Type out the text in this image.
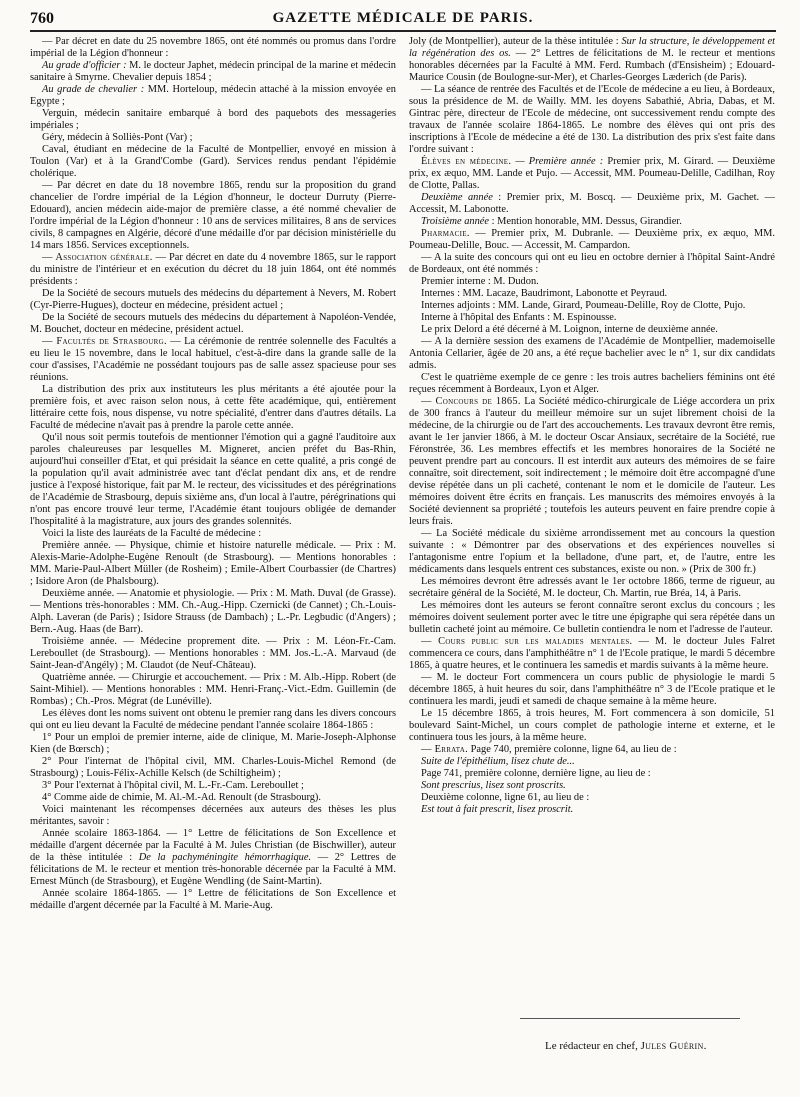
760	GAZETTE MÉDICALE DE PARIS.

— Par décret en date du 25 novembre 1865, ont été nommés ou promus dans l'ordre impérial de la Légion d'honneur :

Au grade d'officier : M. le docteur Japhet, médecin principal de la marine et médecin sanitaire à Smyrne. Chevalier depuis 1854 ;

Au grade de chevalier : MM. Horteloup, médecin attaché à la mission envoyée en Egypte ;

Verguin, médecin sanitaire embarqué à bord des paquebots des messageries impériales ;

Géry, médecin à Solliès-Pont (Var) ;

Caval, étudiant en médecine de la Faculté de Montpellier, envoyé en mission à Toulon (Var) et à la Grand'Combe (Gard). Services rendus pendant l'épidémie cholérique.

— Par décret en date du 18 novembre 1865, rendu sur la proposition du grand chancelier de l'ordre impérial de la Légion d'honneur, le docteur Durruty (Pierre-Edouard), ancien médecin aide-major de première classe, a été nommé chevalier de l'ordre impérial de la Légion d'honneur : 10 ans de services militaires, 8 ans de services civils, 8 campagnes en Algérie, décoré d'une médaille d'or par décision ministérielle du 14 mars 1856. Services exceptionnels.

— Association générale. — Par décret en date du 4 novembre 1865, sur le rapport du ministre de l'intérieur et en exécution du décret du 18 juin 1864, ont été nommés présidents :

De la Société de secours mutuels des médecins du département à Nevers, M. Robert (Cyr-Pierre-Hugues), docteur en médecine, président actuel ;

De la Société de secours mutuels des médecins du département à Napoléon-Vendée, M. Bouchet, docteur en médecine, président actuel.

— Facultés de Strasbourg. — La cérémonie de rentrée solennelle des Facultés a eu lieu le 15 novembre, dans le local habituel, c'est-à-dire dans la grande salle de la cour d'assises, l'Académie ne possédant toujours pas de salle assez spacieuse pour ses réunions.

La distribution des prix aux instituteurs les plus méritants a été ajoutée pour la première fois, et avec raison selon nous, à cette fête académique, qui, entièrement littéraire cette fois, nous dispense, vu notre spécialité, d'entrer dans d'autres détails. La Faculté de médecine n'avait pas à prendre la parole cette année.

Qu'il nous soit permis toutefois de mentionner l'émotion qui a gagné l'auditoire aux paroles chaleureuses par lesquelles M. Migneret, ancien préfet du Bas-Rhin, aujourd'hui conseiller d'Etat, et qui présidait la séance en cette qualité, a pris congé de la population qu'il avait administrée avec tant d'éclat pendant dix ans, et de rendre justice à l'exposé historique, fait par M. le recteur, des vicissitudes et des pérégrinations de l'Académie de Strasbourg, depuis sixième ans, d'un local à l'autre, pérégrinations qui n'ont pas encore trouvé leur terme, l'Académie étant toujours obligée de demander l'hospitalité à la magistrature, aux jours des grandes solennités.

Voici la liste des lauréats de la Faculté de médecine :

Première année. — Physique, chimie et histoire naturelle médicale. — Prix : M. Alexis-Marie-Adolphe-Eugène Renoult (de Strasbourg). — Mentions honorables : MM. Marie-Paul-Albert Müller (de Rosheim) ; Emile-Albert Courbassier (de Chartres) ; Isidore Aron (de Phalsbourg).

Deuxième année. — Anatomie et physiologie. — Prix : M. Math. Duval (de Grasse). — Mentions très-honorables : MM. Ch.-Aug.-Hipp. Czernicki (de Cannet) ; Ch.-Louis-Alph. Laveran (de Paris) ; Isidore Strauss (de Dambach) ; L.-Pr. Legbudic (d'Angers) ; Bern.-Aug. Haas (de Barr).

Troisième année. — Médecine proprement dite. — Prix : M. Léon-Fr.-Cam. Lereboullet (de Strasbourg). — Mentions honorables : MM. Jos.-L.-A. Marvaud (de Saint-Jean-d'Angély) ; M. Claudot (de Neuf-Château).

Quatrième année. — Chirurgie et accouchement. — Prix : M. Alb.-Hipp. Robert (de Saint-Mihiel). — Mentions honorables : MM. Henri-Franç.-Vict.-Edm. Guillemin (de Rombas) ; Ch.-Pros. Mégrat (de Lunéville).

Les élèves dont les noms suivent ont obtenu le premier rang dans les divers concours qui ont eu lieu devant la Faculté de médecine pendant l'année scolaire 1864-1865 :

1° Pour un emploi de premier interne, aide de clinique, M. Marie-Joseph-Alphonse Kien (de Bœrsch) ;

2° Pour l'internat de l'hôpital civil, MM. Charles-Louis-Michel Remond (de Strasbourg) ; Louis-Félix-Achille Kelsch (de Schiltigheim) ;

3° Pour l'externat à l'hôpital civil, M. L.-Fr.-Cam. Lereboullet ;

4° Comme aide de chimie, M. Al.-M.-Ad. Renoult (de Strasbourg).

Voici maintenant les récompenses décernées aux auteurs des thèses les plus méritantes, savoir :

Année scolaire 1863-1864. — 1° Lettre de félicitations de Son Excellence et médaille d'argent décernée par la Faculté à M. Jules Christian (de Bischwiller), auteur de la thèse intitulée : De la pachyméningite hémorrhagique. — 2° Lettres de félicitations de M. le recteur et mention très-honorable décernée par la Faculté à MM. Ernest Münch (de Strasbourg), et Eugène Wendling (de Saint-Martin).

Année scolaire 1864-1865. — 1° Lettre de félicitations de Son Excellence et médaille d'argent décernée par la Faculté à M. Marie-Aug.

Joly (de Montpellier), auteur de la thèse intitulée : Sur la structure, le développement et la régénération des os. — 2° Lettres de félicitations de M. le recteur et mentions honorables décernées par la Faculté à MM. Ferd. Rumbach (d'Ensisheim) ; Edouard-Maurice Cousin (de Boulogne-sur-Mer), et Charles-Georges Læderich (de Paris).

— La séance de rentrée des Facultés et de l'Ecole de médecine a eu lieu, à Bordeaux, sous la présidence de M. de Wailly. MM. les doyens Sabathié, Abria, Dabas, et M. Gintrac père, directeur de l'Ecole de médecine, ont successivement rendu compte des travaux de l'année scolaire 1864-1865. Le nombre des élèves qui ont pris des inscriptions à l'Ecole de médecine a été de 130. La distribution des prix s'est faite dans l'ordre suivant :

Élèves en médecine. — Première année : Premier prix, M. Girard. — Deuxième prix, ex æquo, MM. Lande et Pujo. — Accessit, MM. Poumeau-Delille, Cadilhan, Roy de Clotte, Pallas.

Deuxième année : Premier prix, M. Boscq. — Deuxième prix, M. Gachet. — Accessit, M. Labonotte.

Troisième année : Mention honorable, MM. Dessus, Girandier.

Pharmacie. — Premier prix, M. Dubranle. — Deuxième prix, ex æquo, MM. Poumeau-Delille, Bouc. — Accessit, M. Campardon.

— A la suite des concours qui ont eu lieu en octobre dernier à l'hôpital Saint-André de Bordeaux, ont été nommés :

Premier interne : M. Dudon.

Internes : MM. Lacaze, Baudrimont, Labonotte et Peyraud.

Internes adjoints : MM. Lande, Girard, Poumeau-Delille, Roy de Clotte, Pujo.

Interne à l'hôpital des Enfants : M. Espinousse.

Le prix Delord a été décerné à M. Loignon, interne de deuxième année.

— A la dernière session des examens de l'Académie de Montpellier, mademoiselle Antonia Cellarier, âgée de 20 ans, a été reçue bachelier avec le n° 1, sur dix candidats admis.

C'est le quatrième exemple de ce genre : les trois autres bacheliers féminins ont été reçues récemment à Bordeaux, Lyon et Alger.

— Concours de 1865. La Société médico-chirurgicale de Liége accordera un prix de 300 francs à l'auteur du meilleur mémoire sur un sujet librement choisi de la médecine, de la chirurgie ou de l'art des accouchements. Les travaux devront être remis, avant le 1er janvier 1866, à M. le docteur Oscar Ansiaux, secrétaire de la Société, rue Féronstrée, 36. Les membres effectifs et les membres honoraires de la Société ne peuvent prendre part au concours. Il est interdit aux auteurs des mémoires de se faire connaître, soit directement, soit indirectement ; le mémoire doit être accompagné d'une devise répétée dans un pli cacheté, contenant le nom et le domicile de l'auteur. Les mémoires doivent être écrits en français. Les manuscrits des mémoires envoyés à la Société deviennent sa propriété ; toutefois les auteurs peuvent en faire prendre copie à leurs frais.

— La Société médicale du sixième arrondissement met au concours la question suivante : « Démontrer par des observations et des expériences nouvelles si l'antagonisme entre l'opium et la belladone, d'une part, et, de l'autre, entre les médicaments dans lesquels entrent ces substances, existe ou non. » (Prix de 300 fr.)

Les mémoires devront être adressés avant le 1er octobre 1866, terme de rigueur, au secrétaire général de la Société, M. le docteur, Ch. Martin, rue Bréa, 14, à Paris.

Les mémoires dont les auteurs se feront connaître seront exclus du concours ; les mémoires doivent seulement porter avec le titre une épigraphe qui sera répétée dans un bulletin cacheté joint au mémoire. Ce bulletin contiendra le nom et l'adresse de l'auteur.

— Cours public sur les maladies mentales. — M. le docteur Jules Falret commencera ce cours, dans l'amphithéâtre n° 1 de l'Ecole pratique, le mardi 5 décembre 1865, à quatre heures, et le continuera les samedis et mardis suivants à la même heure.

— M. le docteur Fort commencera un cours public de physiologie le mardi 5 décembre 1865, à huit heures du soir, dans l'amphithéâtre n° 3 de l'Ecole pratique et le continuera les mardi, jeudi et samedi de chaque semaine à la même heure.

Le 15 décembre 1865, à trois heures, M. Fort commencera à son domicile, 51 boulevard Saint-Michel, un cours complet de pathologie interne et externe, et le continuera tous les jours, à la même heure.

— Errata. Page 740, première colonne, ligne 64, au lieu de :

Suite de l'épithélium, lisez chute de...

Page 741, première colonne, dernière ligne, au lieu de :

Sont prescrius, lisez sont proscrits.

Deuxième colonne, ligne 61, au lieu de :

Est tout à fait prescrit, lisez proscrit.

Le rédacteur en chef, Jules Guérin.
